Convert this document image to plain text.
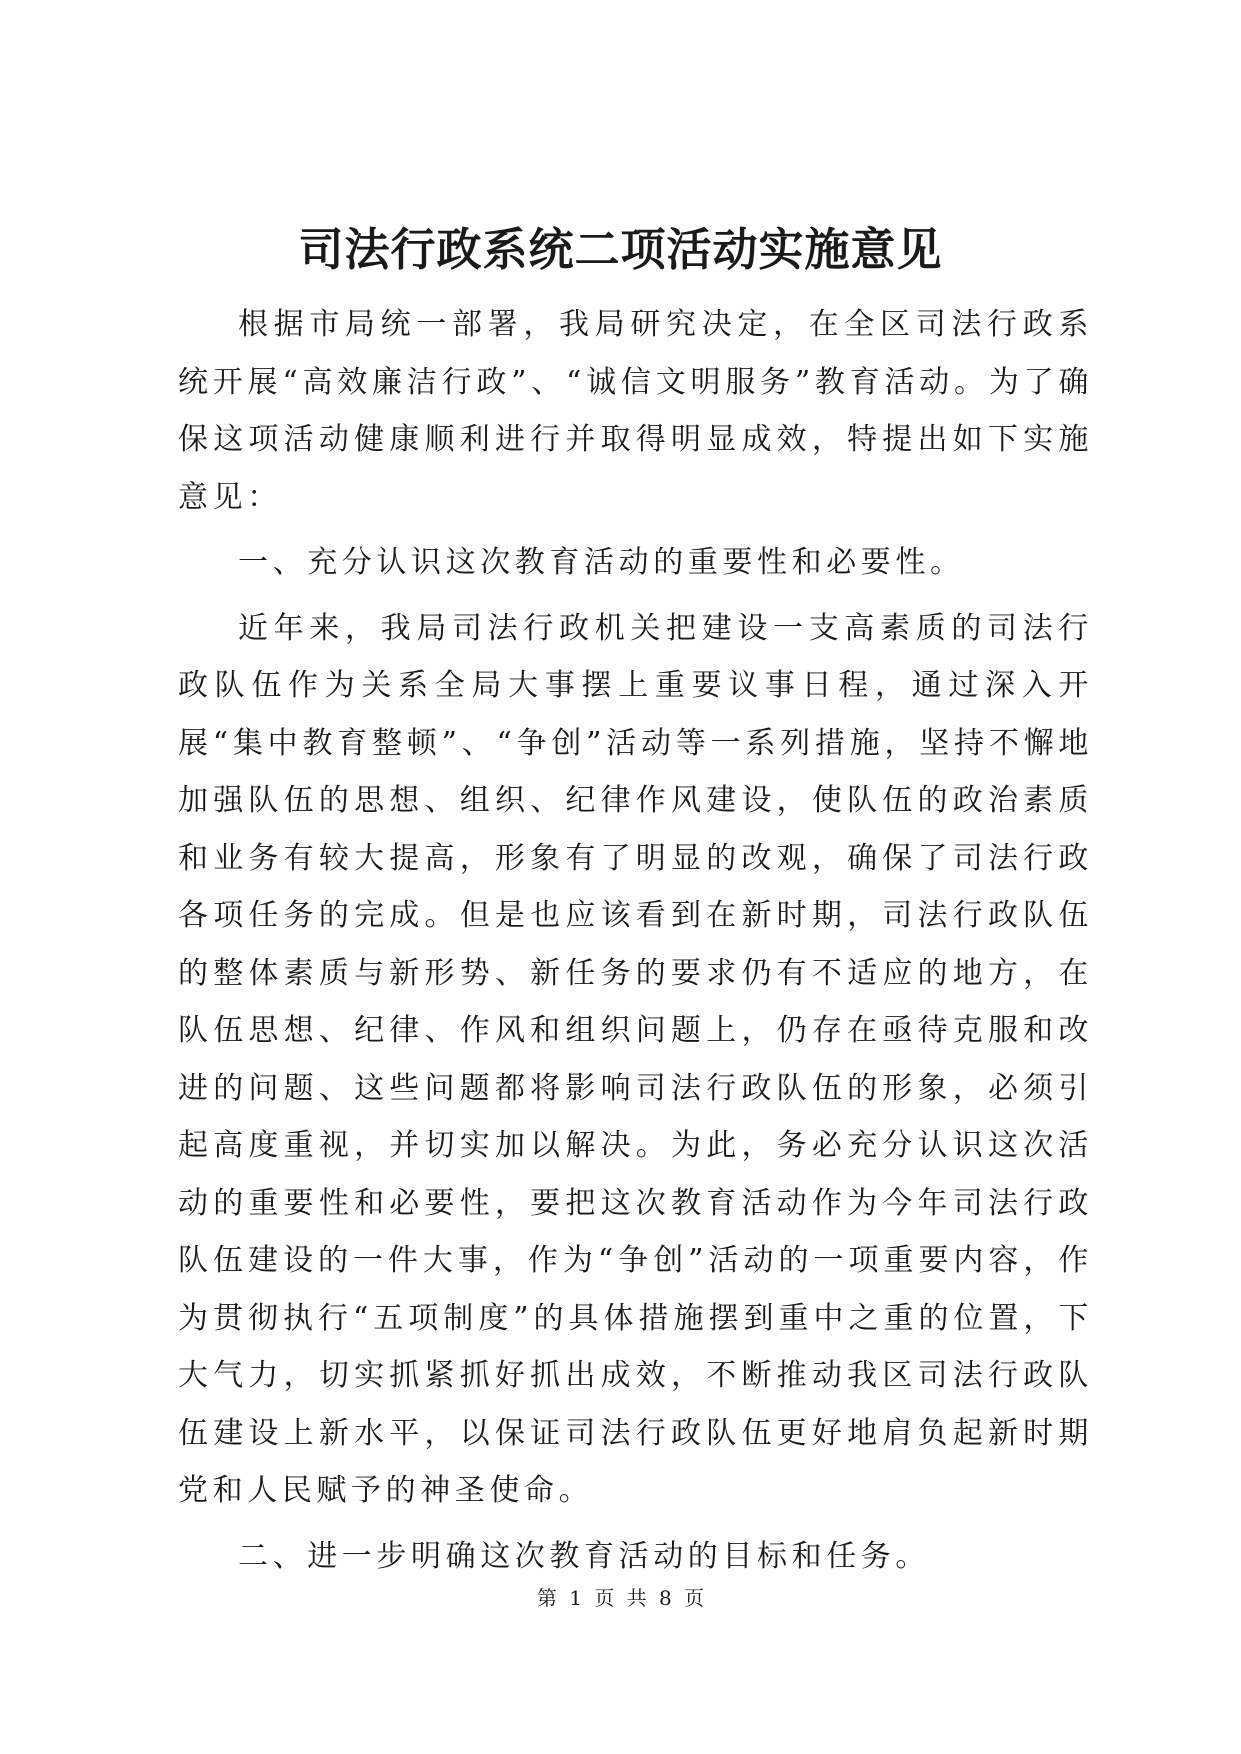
司法行政系统二项活动实施意见

根据市局统一部署，我局研究决定，在全区司法行政系统开展“高效廉洁行政”、“诚信文明服务”教育活动。为了确保这项活动健康顺利进行并取得明显成效，特提出如下实施意见：

一、充分认识这次教育活动的重要性和必要性。

近年来，我局司法行政机关把建设一支高素质的司法行政队伍作为关系全局大事摆上重要议事日程，通过深入开展“集中教育整顿”、“争创”活动等一系列措施，坚持不懈地加强队伍的思想、组织、纪律作风建设，使队伍的政治素质和业务有较大提高，形象有了明显的改观，确保了司法行政各项任务的完成。但是也应该看到在新时期，司法行政队伍的整体素质与新形势、新任务的要求仍有不适应的地方，在队伍思想、纪律、作风和组织问题上，仍存在亟待克服和改进的问题、这些问题都将影响司法行政队伍的形象，必须引起高度重视，并切实加以解决。为此，务必充分认识这次活动的重要性和必要性，要把这次教育活动作为今年司法行政队伍建设的一件大事，作为“争创”活动的一项重要内容，作为贯彻执行“五项制度”的具体措施摆到重中之重的位置，下大气力，切实抓紧抓好抓出成效，不断推动我区司法行政队伍建设上新水平，以保证司法行政队伍更好地肩负起新时期党和人民赋予的神圣使命。

二、进一步明确这次教育活动的目标和任务。

第 1 页 共 8 页
